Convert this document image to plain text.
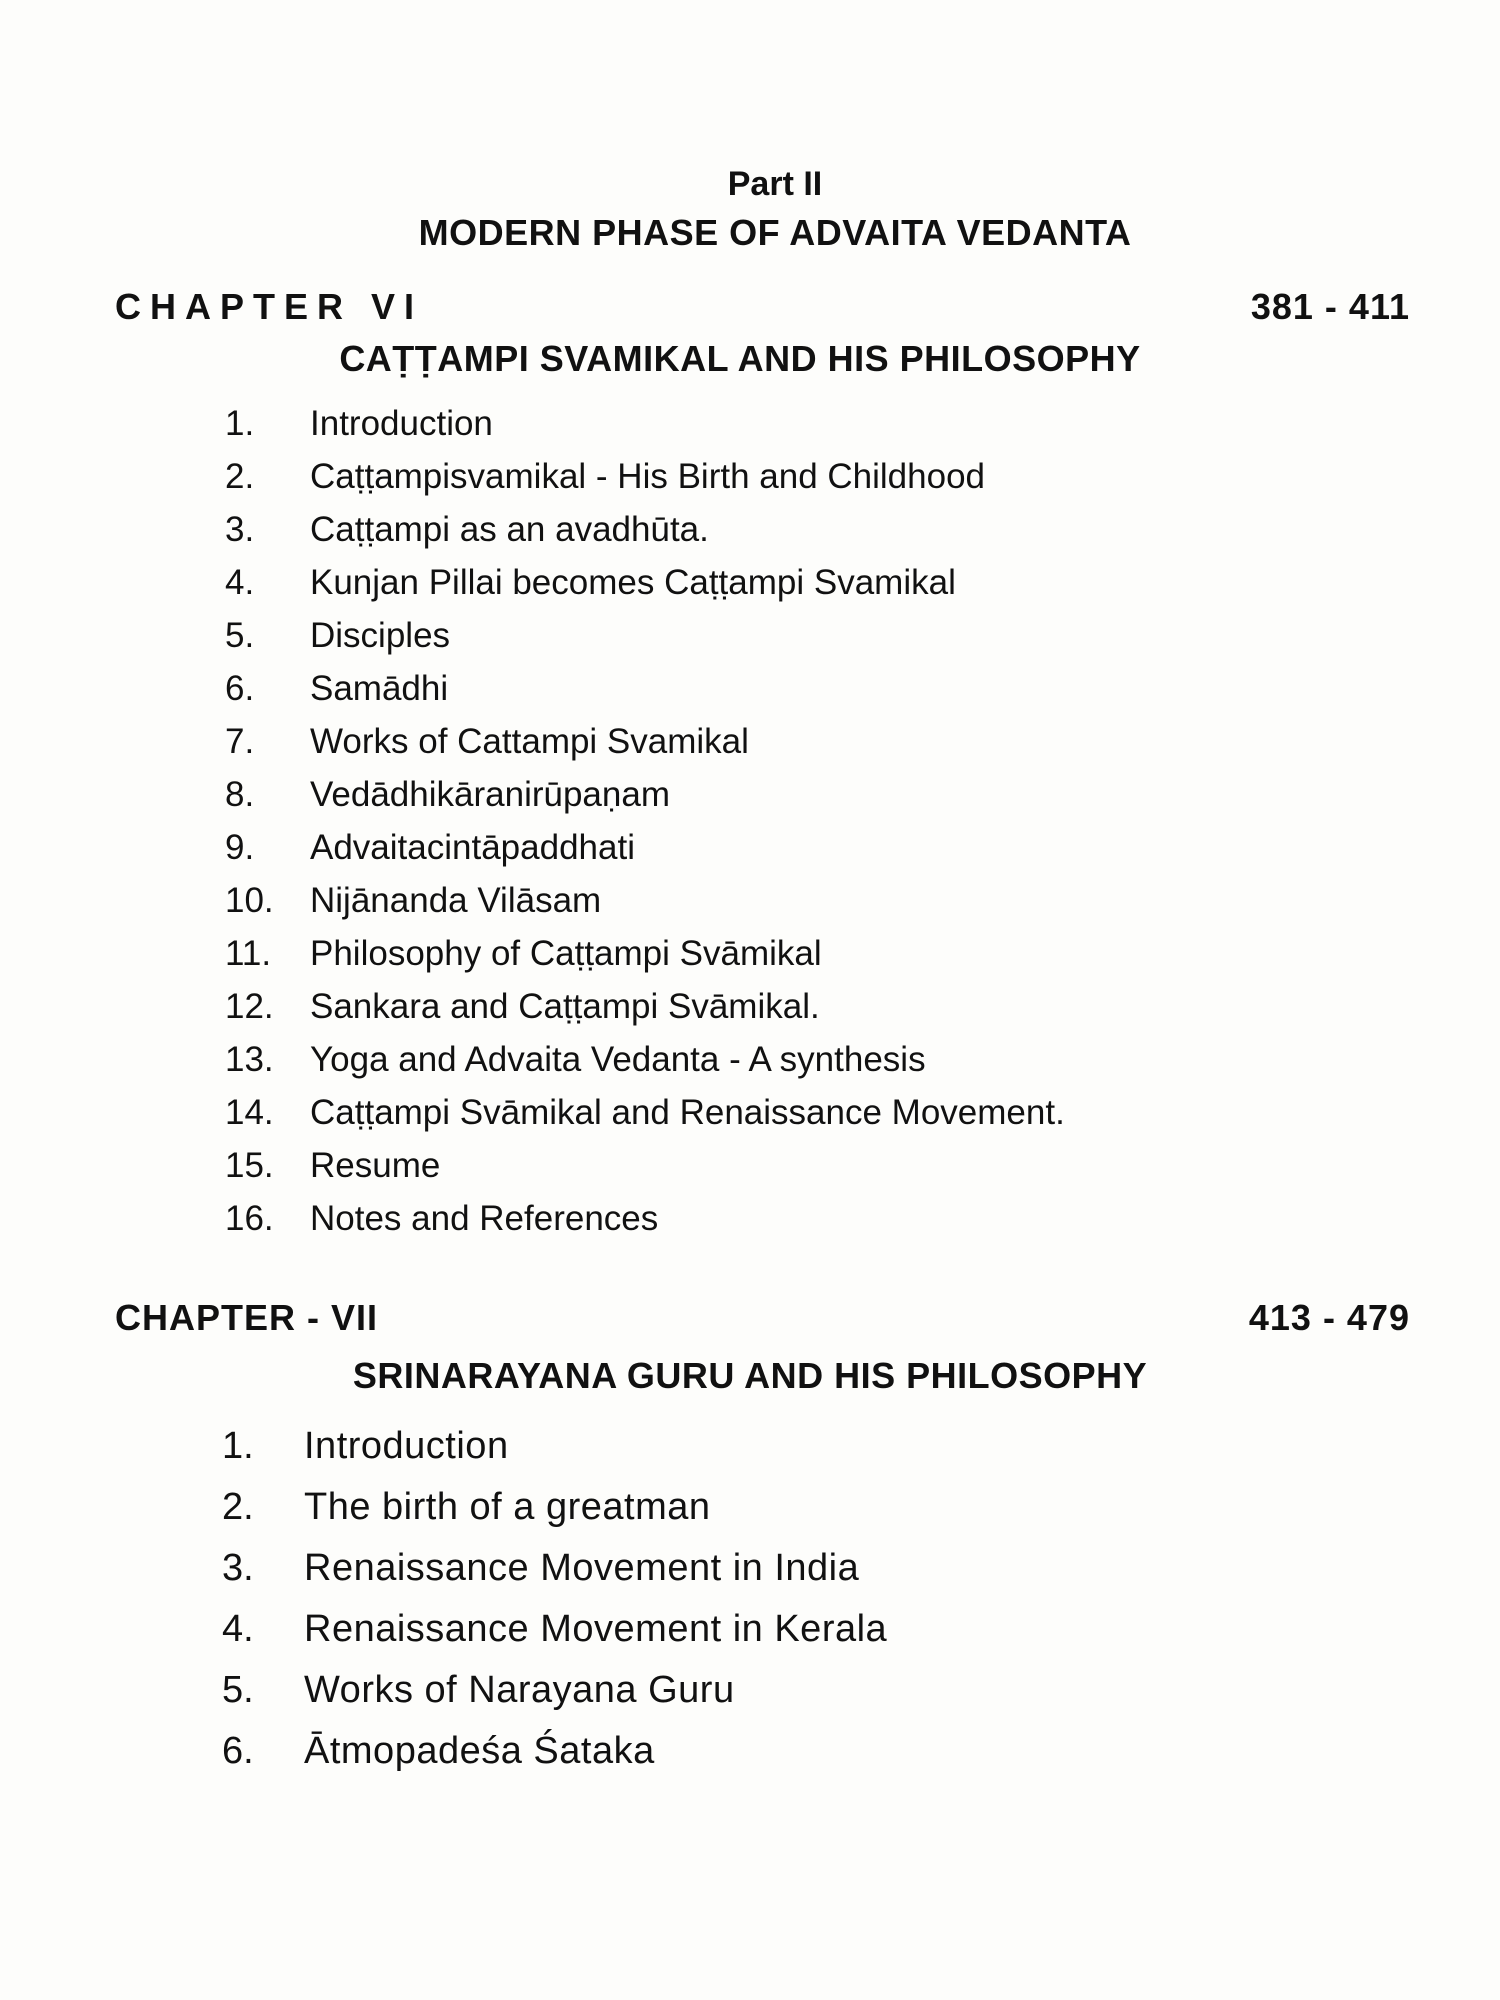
Part II
MODERN PHASE OF ADVAITA VEDANTA
CHAPTER VI	381 - 411
CAṬṬAMPI SVAMIKAL AND HIS PHILOSOPHY
1. Introduction
2. Caṭṭampisvamikal - His Birth and Childhood
3. Caṭṭampi as an avadhūta.
4. Kunjan Pillai becomes Caṭṭampi Svamikal
5. Disciples
6. Samādhi
7. Works of Cattampi Svamikal
8. Vedādhikāranirūpaṇam
9. Advaitacintāpaddhati
10. Nijānanda Vilāsam
11. Philosophy of Caṭṭampi Svāmikal
12. Sankara and Caṭṭampi Svāmikal.
13. Yoga and Advaita Vedanta - A synthesis
14. Caṭṭampi Svāmikal and Renaissance Movement.
15. Resume
16. Notes and References
CHAPTER - VII	413 - 479
SRINARAYANA GURU AND HIS PHILOSOPHY
1. Introduction
2. The birth of a greatman
3. Renaissance Movement in India
4. Renaissance Movement in Kerala
5. Works of Narayana Guru
6. Ātmopadeśa Śataka
